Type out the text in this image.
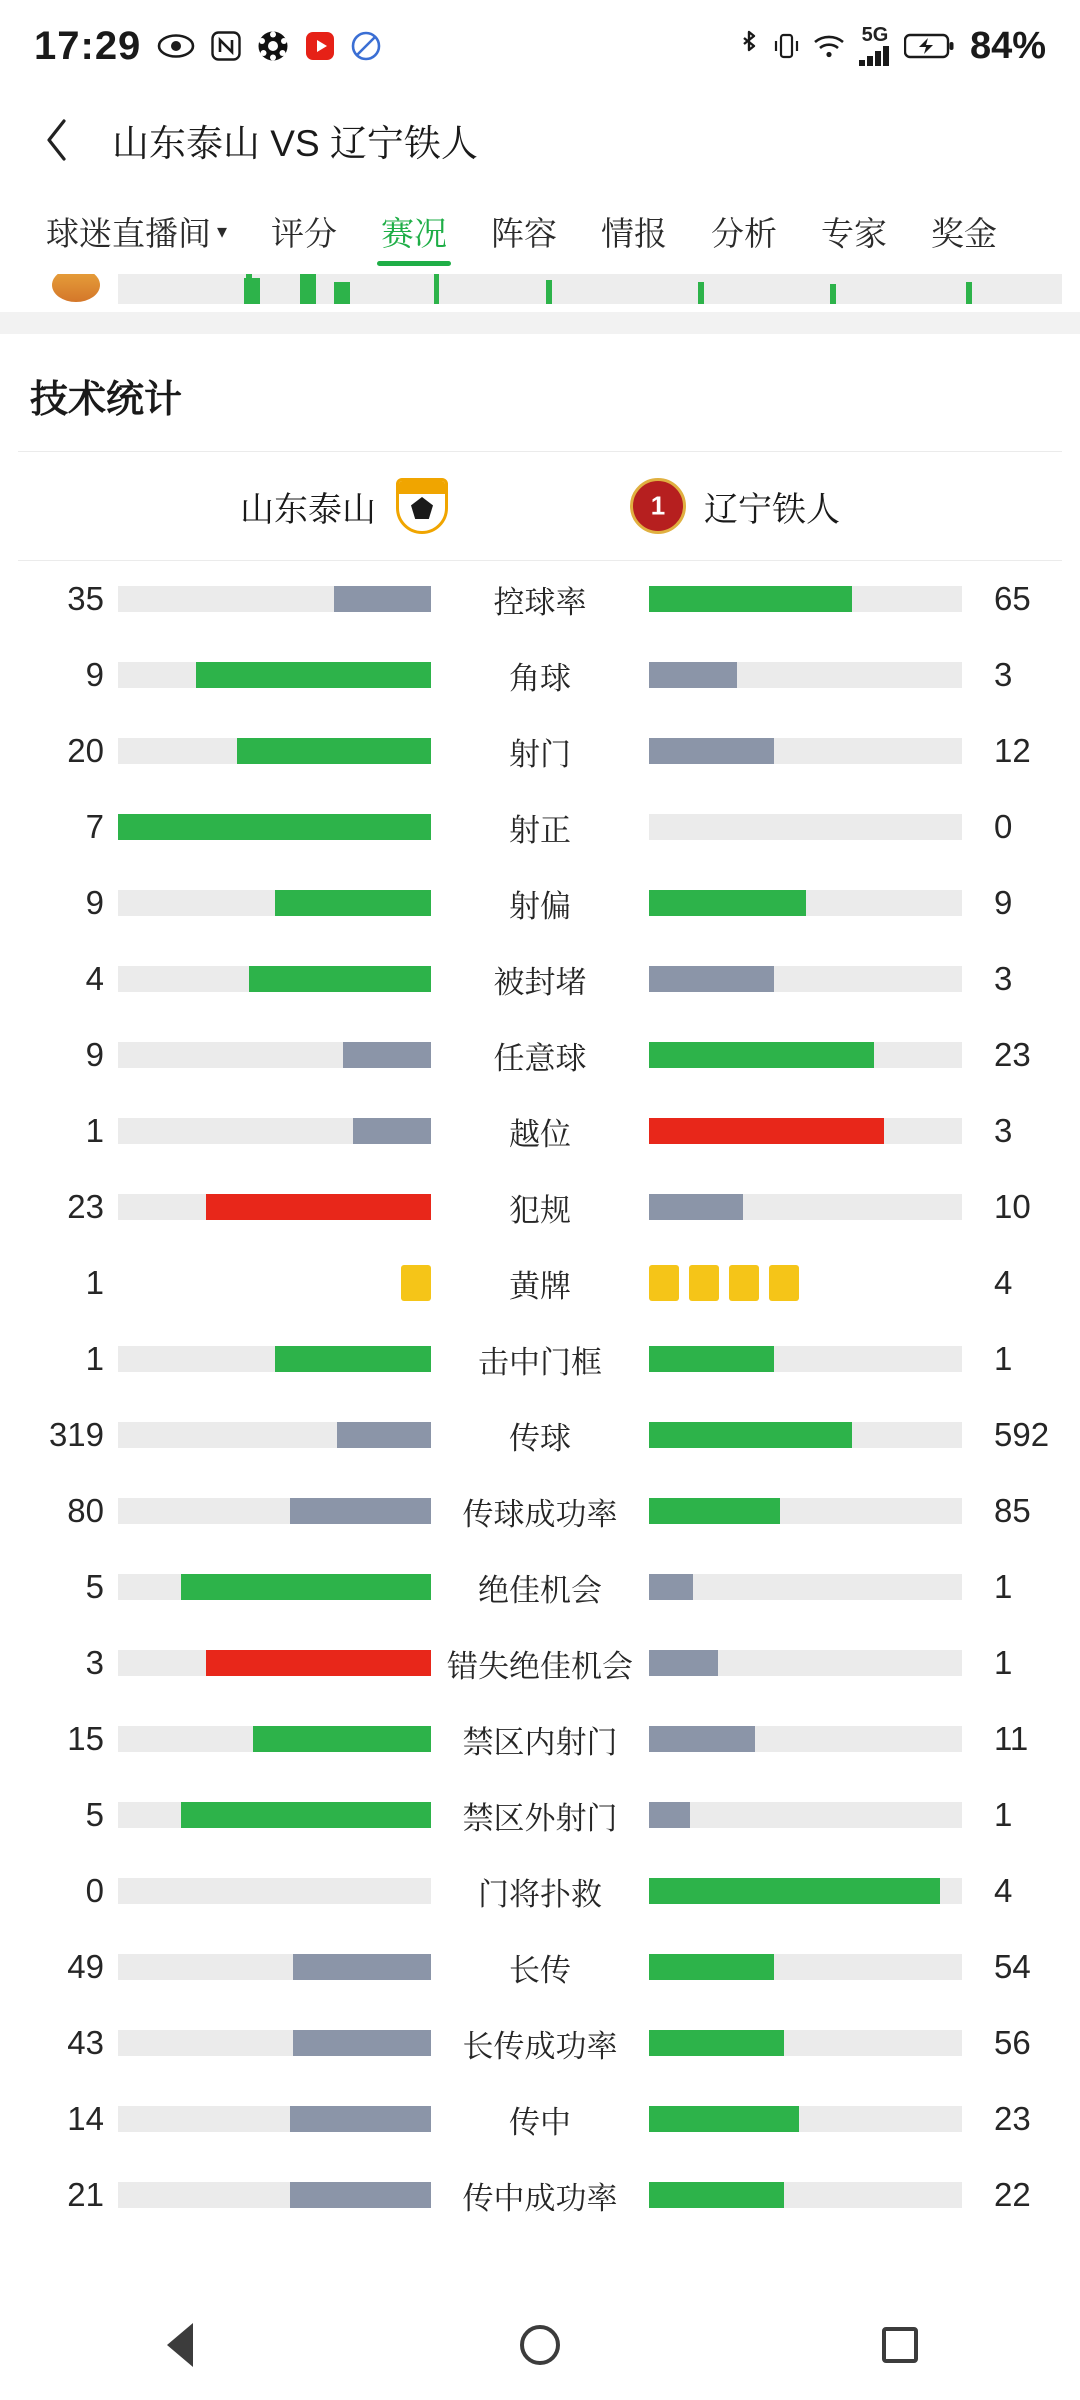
17:29	5G 84%
山东泰山 VS 辽宁铁人
球迷直播间 ▾ 评分 赛况 阵容 情报 分析 专家 奖金
技术统计
山东泰山 1	辽宁铁人
35	控球率	65
9	角球	3
20	射门	12
7	射正	0
9	射偏	9
4	被封堵	3
9	任意球	23
1	越位	3
23	犯规	10
1	黄牌	4
1	击中门框	1
319	传球	592
80	传球成功率	85
5	绝佳机会	1
3	错失绝佳机会	1
15	禁区内射门	11
5	禁区外射门	1
0	门将扑救	4
49	长传	54
43	长传成功率	56
14	传中	23
21	传中成功率	22
